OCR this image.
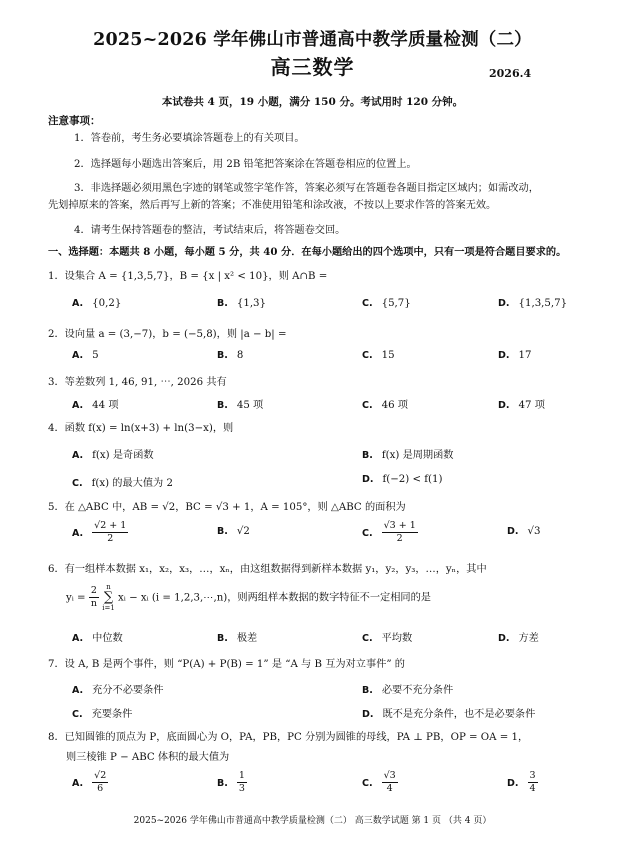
2025~2026 学年佛山市普通高中教学质量检测（二）
高三数学	2026.4
本试卷共 4 页，19 小题，满分 150 分。考试用时 120 分钟。
注意事项：
1．答卷前，考生务必要填涂答题卷上的有关项目。
2．选择题每小题选出答案后，用 2B 铅笔把答案涂在答题卷相应的位置上。
3．非选择题必须用黑色字迹的钢笔或签字笔作答，答案必须写在答题卷各题目指定区域内；如需改动，
先划掉原来的答案，然后再写上新的答案；不准使用铅笔和涂改液，不按以上要求作答的答案无效。
4．请考生保持答题卷的整洁，考试结束后，将答题卷交回。
一、选择题：本题共 8 小题，每小题 5 分，共 40 分．在每小题给出的四个选项中，只有一项是符合题目要求的。
1．设集合 A = {1,3,5,7}，B = {x | x² < 10}，则 A∩B =
A. {0,2}	B. {1,3}	C. {5,7}	D. {1,3,5,7}
2．设向量 a = (3,−7)，b = (−5,8)，则 |a − b| =
A. 5	B. 8	C. 15	D. 17
3．等差数列 1, 46, 91, ⋯, 2026 共有
A. 44 项	B. 45 项	C. 46 项	D. 47 项
4．函数 f(x) = ln(x+3) + ln(3−x)，则
A. f(x) 是奇函数	B. f(x) 是周期函数
C. f(x) 的最大值为 2	D. f(−2) < f(1)
5．在 △ABC 中，AB = √2，BC = √3 + 1，A = 105°，则 △ABC 的面积为
A. $\frac{√2 + 1}{2}$	B. √2	C. $\frac{√3 + 1}{2}$	D. √3
6．有一组样本数据 x₁，x₂，x₃，…，xₙ，由这组数据得到新样本数据 y₁，y₂，y₃，…，yₙ，其中
yᵢ = $\frac{2}{n}$ n
∑
i=1 xᵢ − xᵢ (i = 1,2,3,⋯,n)，则两组样本数据的数字特征不一定相同的是
A. 中位数	B. 极差	C. 平均数	D. 方差
7．设 A, B 是两个事件，则 “P(A) + P(B) = 1” 是 “A 与 B 互为对立事件” 的
A. 充分不必要条件	B. 必要不充分条件
C. 充要条件	D. 既不是充分条件，也不是必要条件
8．已知圆锥的顶点为 P，底面圆心为 O，PA，PB，PC 分别为圆锥的母线，PA ⊥ PB，OP = OA = 1，
则三棱锥 P − ABC 体积的最大值为
A. $\frac{√2}{6}$	B. $\frac{1}{3}$	C. $\frac{√3}{4}$	D. $\frac{3}{4}$
2025~2026 学年佛山市普通高中教学质量检测（二） 高三数学试题 第 1 页 （共 4 页）
